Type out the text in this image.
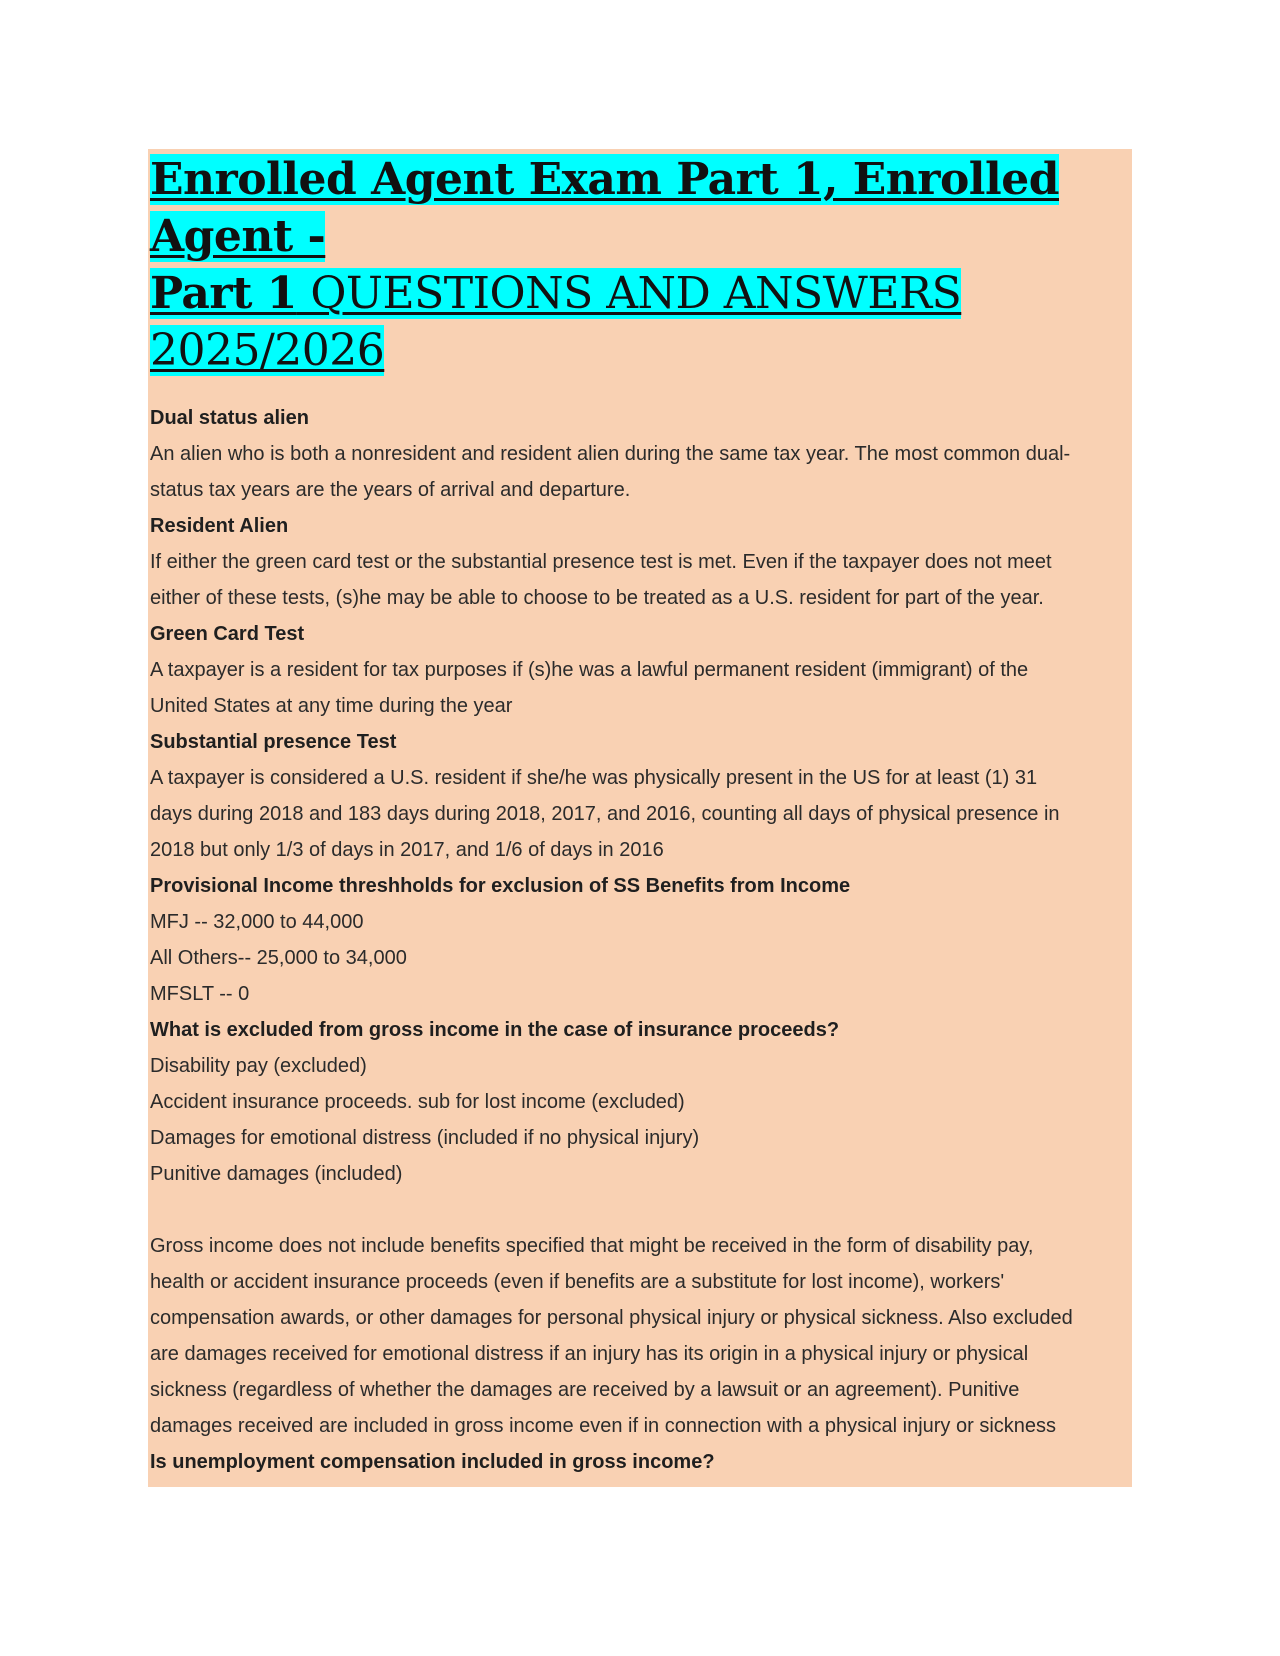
Enrolled Agent Exam Part 1, Enrolled Agent -
Part 1 QUESTIONS AND ANSWERS 2025/2026
Dual status alien
An alien who is both a nonresident and resident alien during the same tax year. The most common dual-
status tax years are the years of arrival and departure.
Resident Alien
If either the green card test or the substantial presence test is met. Even if the taxpayer does not meet
either of these tests, (s)he may be able to choose to be treated as a U.S. resident for part of the year.
Green Card Test
A taxpayer is a resident for tax purposes if (s)he was a lawful permanent resident (immigrant) of the
United States at any time during the year
Substantial presence Test
A taxpayer is considered a U.S. resident if she/he was physically present in the US for at least (1) 31
days during 2018 and 183 days during 2018, 2017, and 2016, counting all days of physical presence in
2018 but only 1/3 of days in 2017, and 1/6 of days in 2016
Provisional Income threshholds for exclusion of SS Benefits from Income
MFJ -- 32,000 to 44,000
All Others-- 25,000 to 34,000
MFSLT -- 0
What is excluded from gross income in the case of insurance proceeds?
Disability pay (excluded)
Accident insurance proceeds. sub for lost income (excluded)
Damages for emotional distress (included if no physical injury)
Punitive damages (included)
Gross income does not include benefits specified that might be received in the form of disability pay,
health or accident insurance proceeds (even if benefits are a substitute for lost income), workers'
compensation awards, or other damages for personal physical injury or physical sickness. Also excluded
are damages received for emotional distress if an injury has its origin in a physical injury or physical
sickness (regardless of whether the damages are received by a lawsuit or an agreement). Punitive
damages received are included in gross income even if in connection with a physical injury or sickness
Is unemployment compensation included in gross income?
